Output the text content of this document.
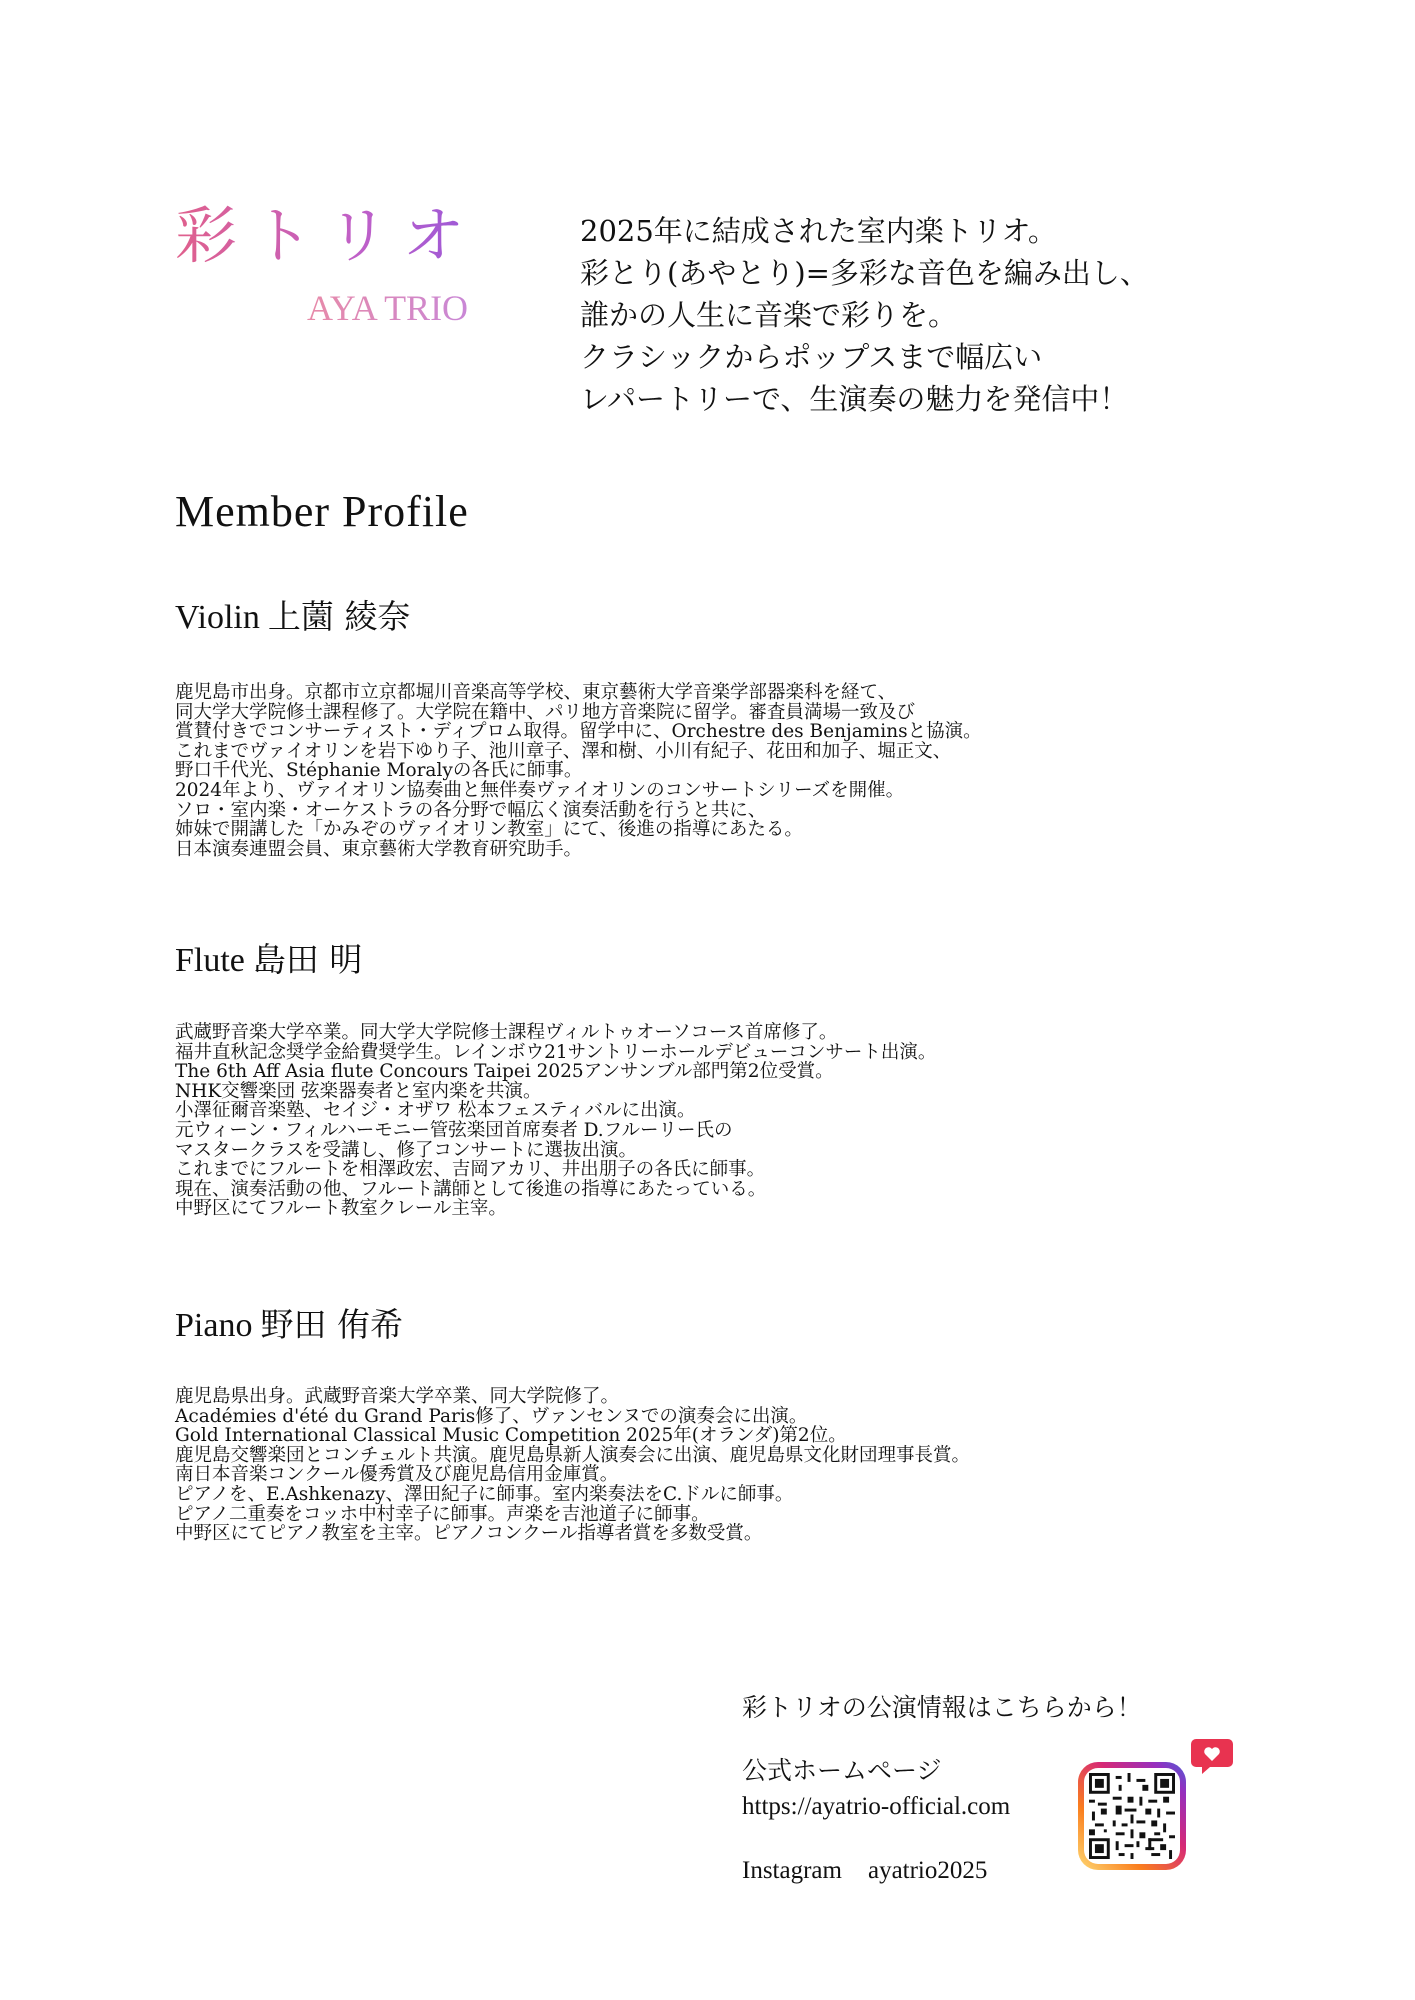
彩トリオ
AYA TRIO
2025年に結成された室内楽トリオ。
彩とり(あやとり)=多彩な音色を編み出し、
誰かの人生に音楽で彩りを。
クラシックからポップスまで幅広い
レパートリーで、生演奏の魅力を発信中！
Member Profile
Violin 上薗 綾奈
鹿児島市出身。京都市立京都堀川音楽高等学校、東京藝術大学音楽学部器楽科を経て、
同大学大学院修士課程修了。大学院在籍中、パリ地方音楽院に留学。審査員満場一致及び
賞賛付きでコンサーティスト・ディプロム取得。留学中に、Orchestre des Benjaminsと協演。
これまでヴァイオリンを岩下ゆり子、池川章子、澤和樹、小川有紀子、花田和加子、堀正文、
野口千代光、Stéphanie Moralyの各氏に師事。
2024年より、ヴァイオリン協奏曲と無伴奏ヴァイオリンのコンサートシリーズを開催。
ソロ・室内楽・オーケストラの各分野で幅広く演奏活動を行うと共に、
姉妹で開講した「かみぞのヴァイオリン教室」にて、後進の指導にあたる。
日本演奏連盟会員、東京藝術大学教育研究助手。
Flute 島田 明
武蔵野音楽大学卒業。同大学大学院修士課程ヴィルトゥオーソコース首席修了。
福井直秋記念奨学金給費奨学生。レインボウ21サントリーホールデビューコンサート出演。
The 6th Aff Asia flute Concours Taipei 2025アンサンブル部門第2位受賞。
NHK交響楽団 弦楽器奏者と室内楽を共演。
小澤征爾音楽塾、セイジ・オザワ 松本フェスティバルに出演。
元ウィーン・フィルハーモニー管弦楽団首席奏者 D.フルーリー氏の
マスタークラスを受講し、修了コンサートに選抜出演。
これまでにフルートを相澤政宏、吉岡アカリ、井出朋子の各氏に師事。
現在、演奏活動の他、フルート講師として後進の指導にあたっている。
中野区にてフルート教室クレール主宰。
Piano 野田 侑希
鹿児島県出身。武蔵野音楽大学卒業、同大学院修了。
Académies d'été du Grand Paris修了、ヴァンセンヌでの演奏会に出演。
Gold International Classical Music Competition 2025年(オランダ)第2位。
鹿児島交響楽団とコンチェルト共演。鹿児島県新人演奏会に出演、鹿児島県文化財団理事長賞。
南日本音楽コンクール優秀賞及び鹿児島信用金庫賞。
ピアノを、E.Ashkenazy、澤田紀子に師事。室内楽奏法をC.ドルに師事。
ピアノ二重奏をコッホ中村幸子に師事。声楽を吉池道子に師事。
中野区にてピアノ教室を主宰。ピアノコンクール指導者賞を多数受賞。
彩トリオの公演情報はこちらから！
公式ホームページ
https://ayatrio-official.com
Instagram ayatrio2025
